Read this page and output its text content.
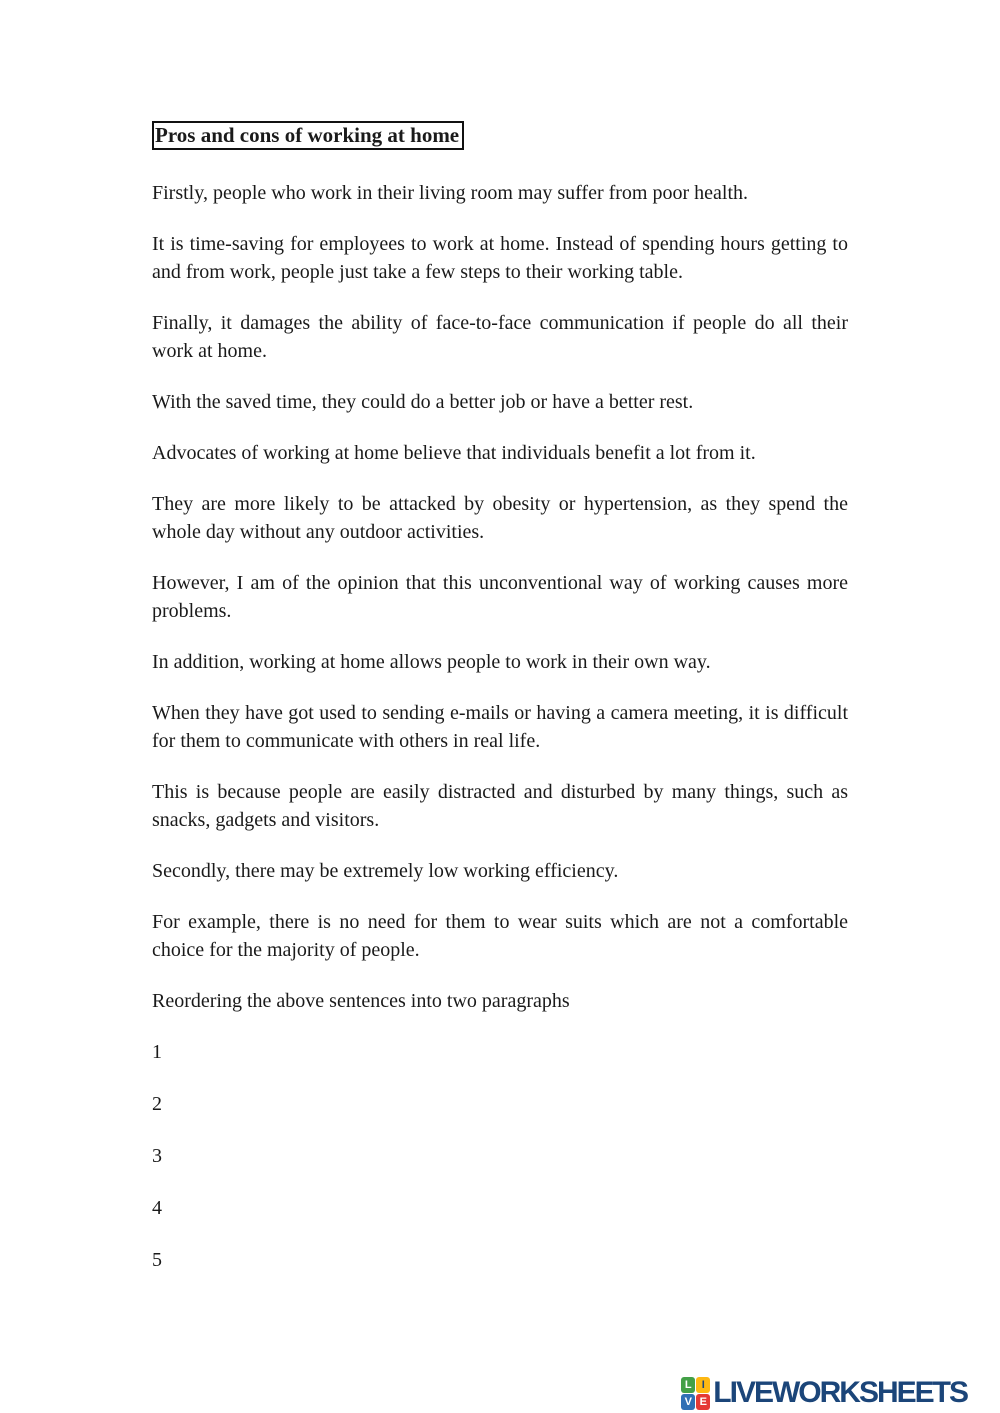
Pros and cons of working at home

Firstly, people who work in their living room may suffer from poor health.

It is time-saving for employees to work at home. Instead of spending hours getting to and from work, people just take a few steps to their working table.

Finally, it damages the ability of face-to-face communication if people do all their work at home.

With the saved time, they could do a better job or have a better rest.

Advocates of working at home believe that individuals benefit a lot from it.

They are more likely to be attacked by obesity or hypertension, as they spend the whole day without any outdoor activities.

However, I am of the opinion that this unconventional way of working causes more problems.

In addition, working at home allows people to work in their own way.

When they have got used to sending e-mails or having a camera meeting, it is difficult for them to communicate with others in real life.

This is because people are easily distracted and disturbed by many things, such as snacks, gadgets and visitors.

Secondly, there may be extremely low working efficiency.

For example, there is no need for them to wear suits which are not a comfortable choice for the majority of people.

Reordering the above sentences into two paragraphs

1

2

3

4

5

L I
V E LIVEWORKSHEETS
